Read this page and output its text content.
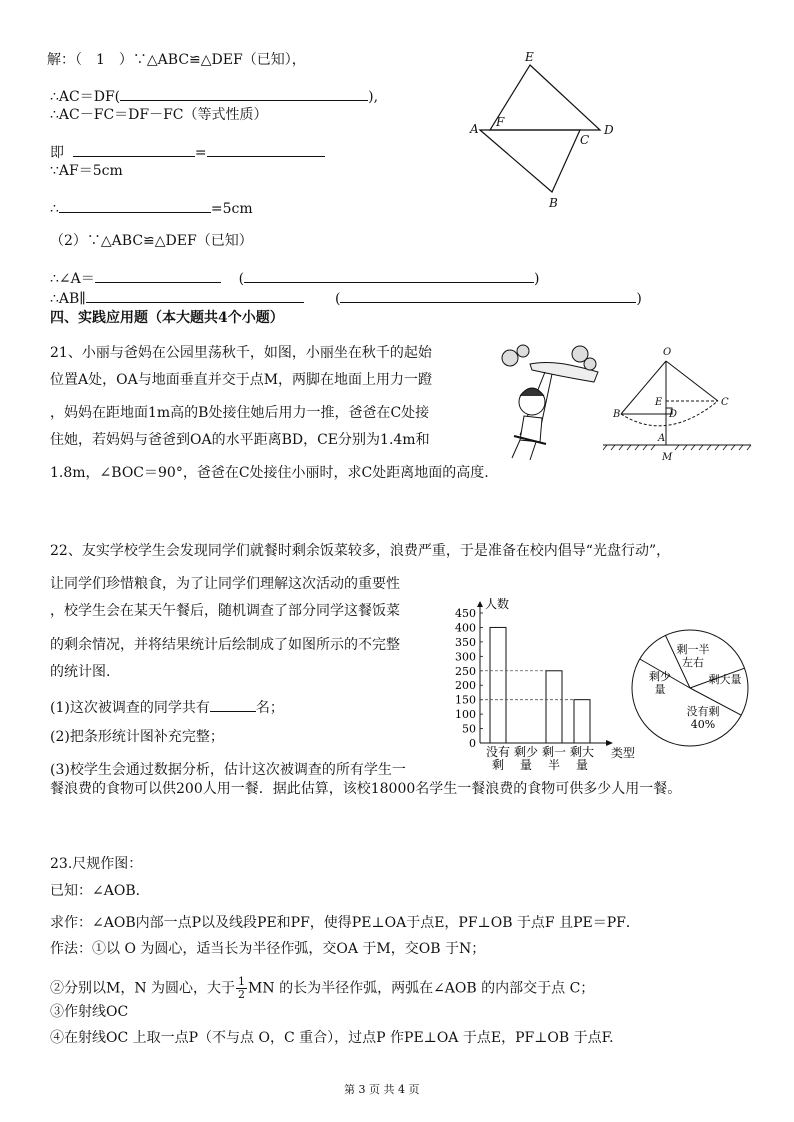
解：（　1　）∵△ABC≌△DEF（已知），
∴AC＝DF(	),
∴AC－FC＝DF－FC（等式性质）
即	=
∵AF＝5cm
∴	=5cm
（2）∵△ABC≌△DEF（已知）
∴∠A＝	(	)
∴AB∥	(	)
E
A F
C
D
B
四、实践应用题（本大题共4个小题）
21、小丽与爸妈在公园里荡秋千，如图，小丽坐在秋千的起始
位置A处，OA与地面垂直并交于点M，两脚在地面上用力一蹬
，妈妈在距地面1m高的B处接住她后用力一推，爸爸在C处接
住她，若妈妈与爸爸到OA的水平距离BD，CE分别为1.4m和
1.8m，∠BOC＝90°，爸爸在C处接住小丽时，求C处距离地面的高度.
O
B
E
D
C
A
M
22、友实学校学生会发现同学们就餐时剩余饭菜较多，浪费严重，于是准备在校内倡导“光盘行动”，
让同学们珍惜粮食，为了让同学们理解这次活动的重要性
，校学生会在某天午餐后，随机调查了部分同学这餐饭菜
的剩余情况，并将结果统计后绘制成了如图所示的不完整
的统计图.
(1)这次被调查的同学共有	名；
(2)把条形统计图补充完整；
(3)校学生会通过数据分析，估计这次被调查的所有学生一
餐浪费的食物可以供200人用一餐．据此估算，该校18000名学生一餐浪费的食物可供多少人用一餐。
人数
类型
0
50
100
150
200
250
300
350
400
450
没有
剩
剩少
量
剩一
半
剩大
量
剩一半
左右
剩大量
没有剩
40%
剩少
量
23.尺规作图：
已知：∠AOB．
求作：∠AOB内部一点P以及线段PE和PF，使得PE⊥OA于点E，PF⊥OB 于点F 且PE＝PF．
作法：①以 O 为圆心，适当长为半径作弧，交OA 于M，交OB 于N；
②分别以M，N 为圆心，大于 $\frac{1}{2}$ MN 的长为半径作弧，两弧在∠AOB 的内部交于点 C；
③作射线OC
④在射线OC 上取一点P（不与点 O，C 重合），过点P 作PE⊥OA 于点E，PF⊥OB 于点F.
第 3 页 共 4 页
